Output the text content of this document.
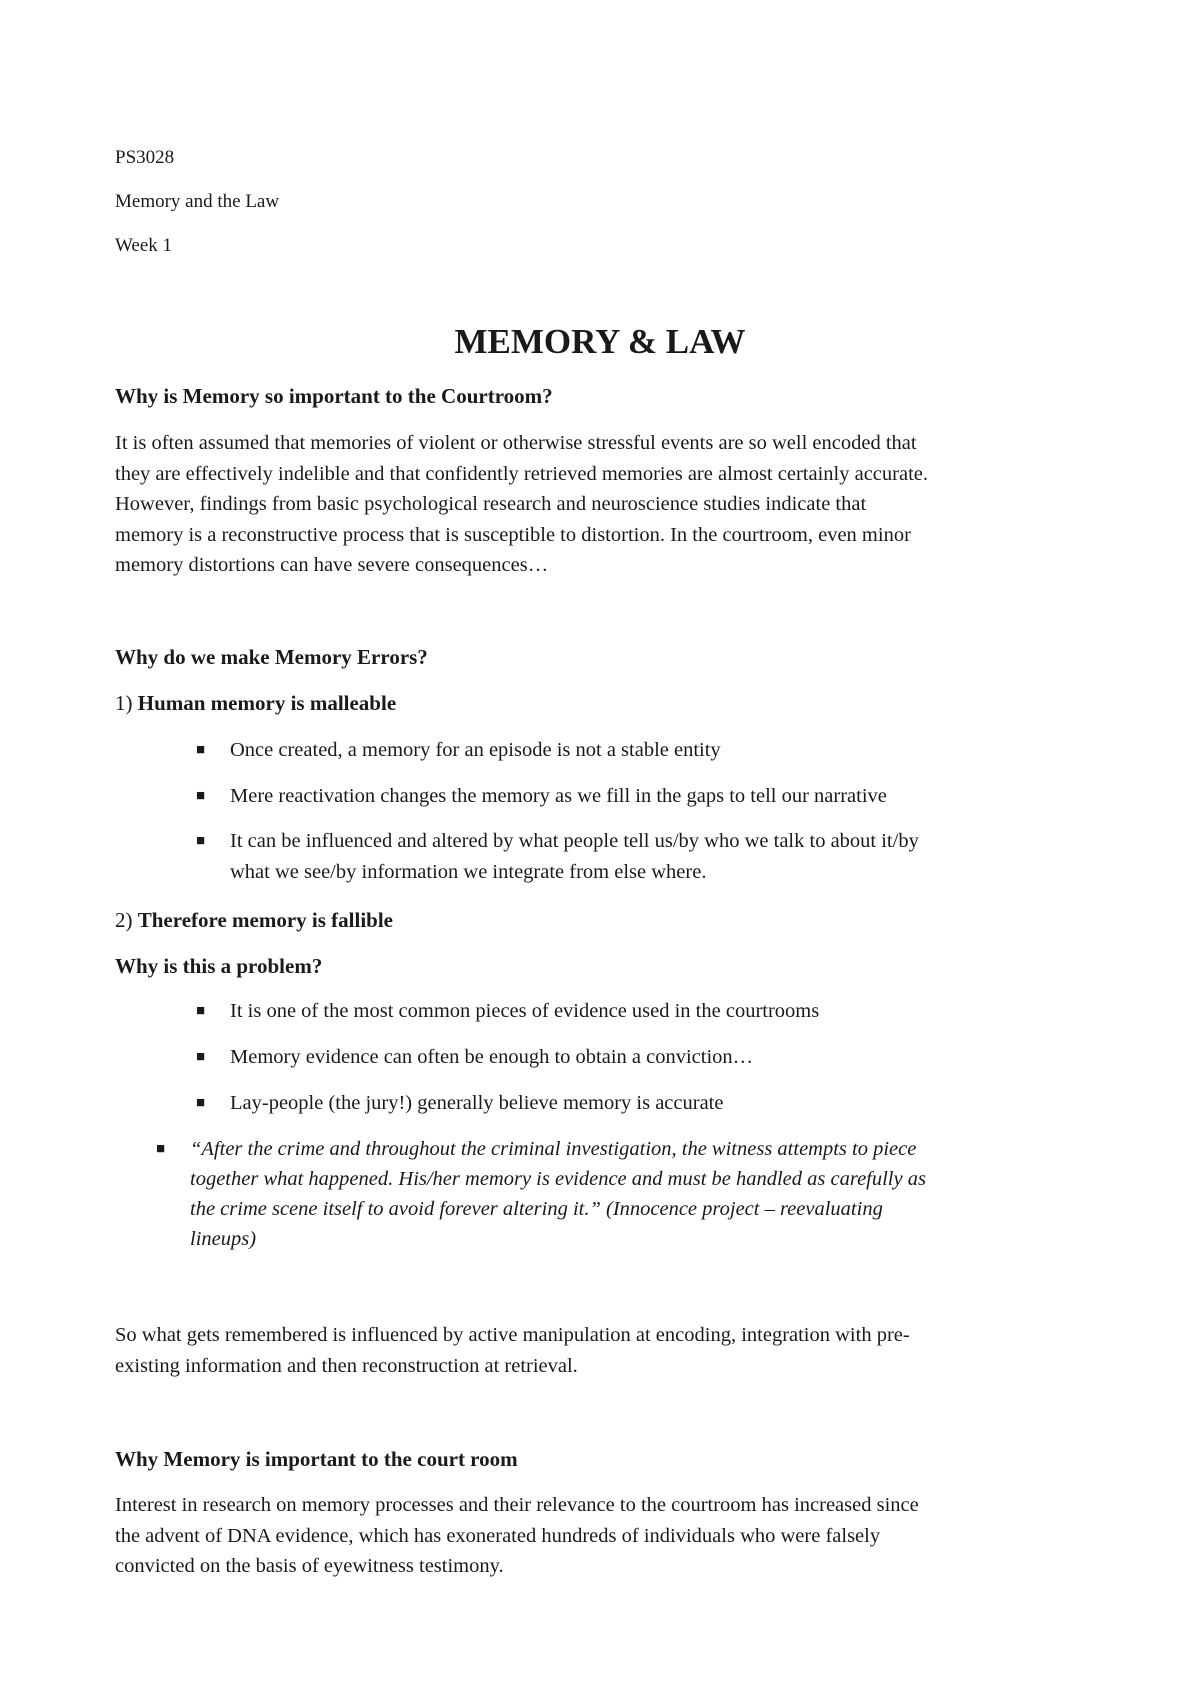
PS3028
Memory and the Law
Week 1
MEMORY & LAW
Why is Memory so important to the Courtroom?
It is often assumed that memories of violent or otherwise stressful events are so well encoded that
they are effectively indelible and that confidently retrieved memories are almost certainly accurate.
However, findings from basic psychological research and neuroscience studies indicate that
memory is a reconstructive process that is susceptible to distortion. In the courtroom, even minor
memory distortions can have severe consequences…
Why do we make Memory Errors?
1) Human memory is malleable
■ Once created, a memory for an episode is not a stable entity
■ Mere reactivation changes the memory as we fill in the gaps to tell our narrative
■ It can be influenced and altered by what people tell us/by who we talk to about it/by
what we see/by information we integrate from else where.
2) Therefore memory is fallible
Why is this a problem?
■ It is one of the most common pieces of evidence used in the courtrooms
■ Memory evidence can often be enough to obtain a conviction…
■ Lay-people (the jury!) generally believe memory is accurate
■ “After the crime and throughout the criminal investigation, the witness attempts to piece
together what happened. His/her memory is evidence and must be handled as carefully as
the crime scene itself to avoid forever altering it.” (Innocence project – reevaluating
lineups)
So what gets remembered is influenced by active manipulation at encoding, integration with pre-
existing information and then reconstruction at retrieval.
Why Memory is important to the court room
Interest in research on memory processes and their relevance to the courtroom has increased since
the advent of DNA evidence, which has exonerated hundreds of individuals who were falsely
convicted on the basis of eyewitness testimony.
